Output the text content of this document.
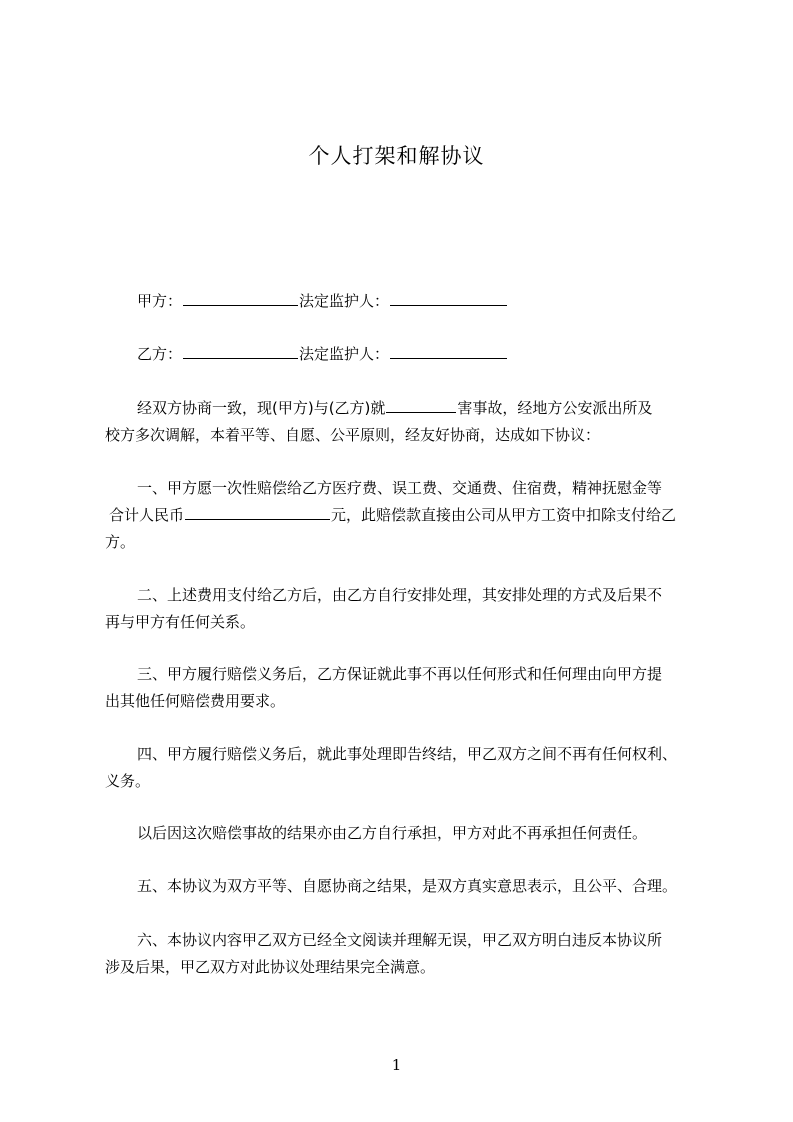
个人打架和解协议
甲方：	法定监护人：
乙方：	法定监护人：
经双方协商一致，现(甲方)与(乙方)就	害事故，经地方公安派出所及
校方多次调解，本着平等、自愿、公平原则，经友好协商，达成如下协议：
一、甲方愿一次性赔偿给乙方医疗费、误工费、交通费、住宿费，精神抚慰金等
合计人民币	元，此赔偿款直接由公司从甲方工资中扣除支付给乙
方。
二、上述费用支付给乙方后，由乙方自行安排处理，其安排处理的方式及后果不
再与甲方有任何关系。
三、甲方履行赔偿义务后，乙方保证就此事不再以任何形式和任何理由向甲方提
出其他任何赔偿费用要求。
四、甲方履行赔偿义务后，就此事处理即告终结，甲乙双方之间不再有任何权利、
义务。
以后因这次赔偿事故的结果亦由乙方自行承担，甲方对此不再承担任何责任。
五、本协议为双方平等、自愿协商之结果，是双方真实意思表示，且公平、合理。
六、本协议内容甲乙双方已经全文阅读并理解无误，甲乙双方明白违反本协议所
涉及后果，甲乙双方对此协议处理结果完全满意。
1
